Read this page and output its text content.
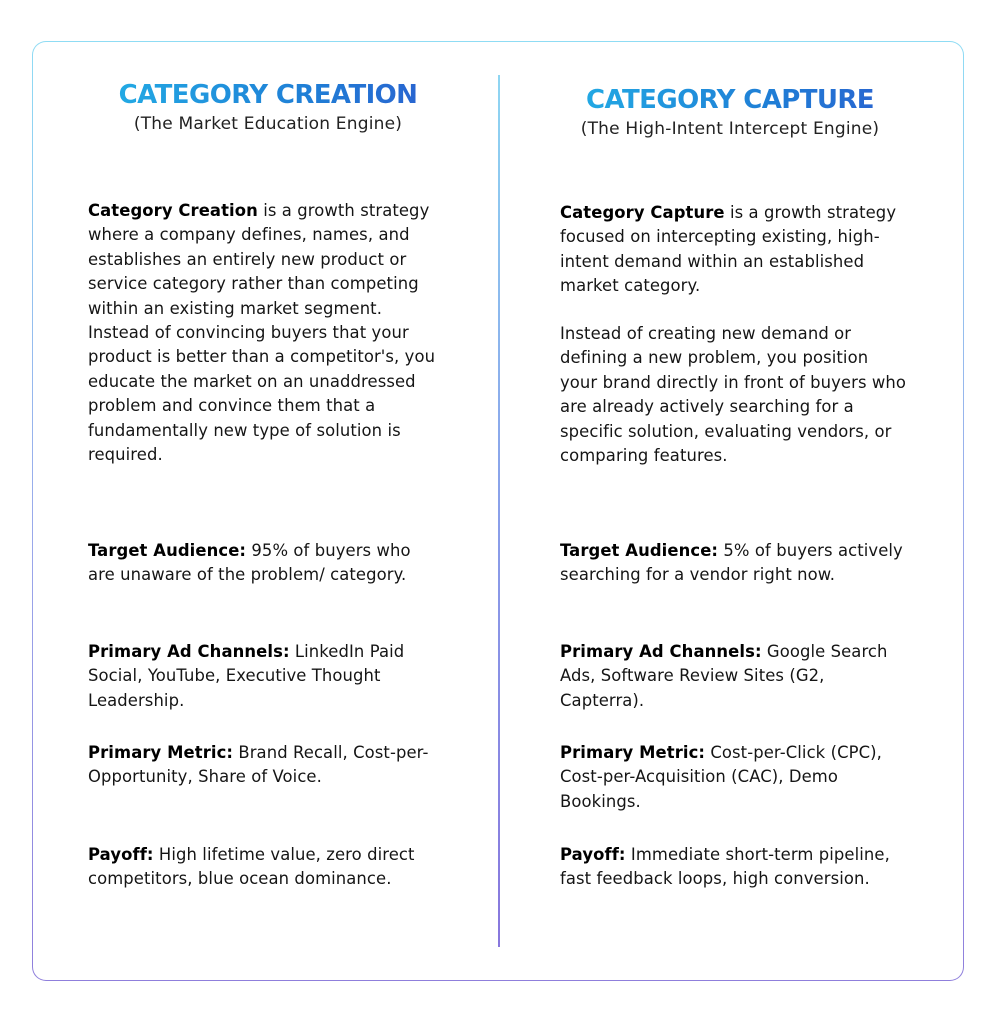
CATEGORY CREATION
(The Market Education Engine)

Category Creation is a growth strategy where a company defines, names, and establishes an entirely new product or service category rather than competing within an existing market segment.
Instead of convincing buyers that your product is better than a competitor's, you educate the market on an unaddressed problem and convince them that a fundamentally new type of solution is required.

Target Audience: 95% of buyers who are unaware of the problem/ category.

Primary Ad Channels: LinkedIn Paid Social, YouTube, Executive Thought Leadership.

Primary Metric: Brand Recall, Cost-per-Opportunity, Share of Voice.

Payoff: High lifetime value, zero direct competitors, blue ocean dominance.

CATEGORY CAPTURE
(The High-Intent Intercept Engine)

Category Capture is a growth strategy focused on intercepting existing, high-intent demand within an established market category.

Instead of creating new demand or defining a new problem, you position your brand directly in front of buyers who are already actively searching for a specific solution, evaluating vendors, or comparing features.

Target Audience: 5% of buyers actively searching for a vendor right now.

Primary Ad Channels: Google Search Ads, Software Review Sites (G2, Capterra).

Primary Metric: Cost-per-Click (CPC), Cost-per-Acquisition (CAC), Demo Bookings.

Payoff: Immediate short-term pipeline, fast feedback loops, high conversion.
